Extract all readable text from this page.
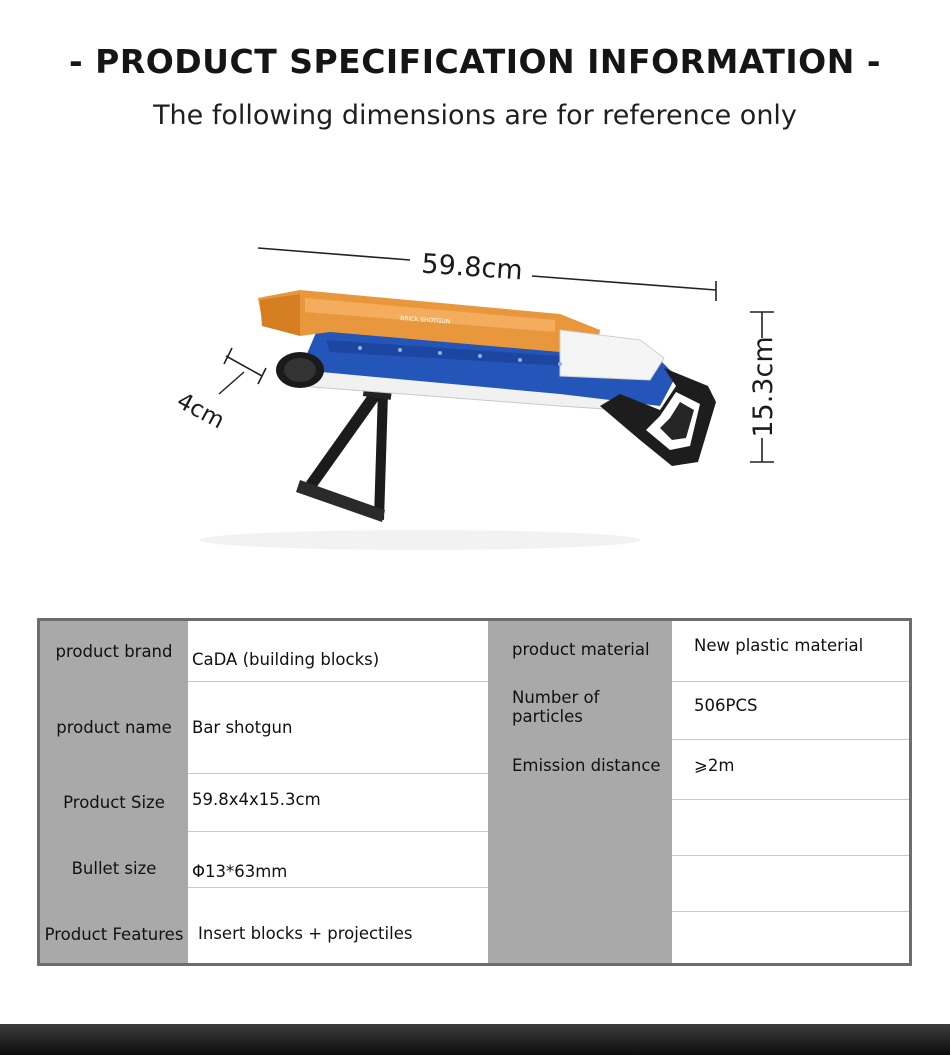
- PRODUCT SPECIFICATION INFORMATION -
The following dimensions are for reference only
59.8cm
15.3cm
4cm
BRICK SHOTGUN
product brand
product name
Product Size
Bullet size
Product Features
CaDA (building blocks)
Bar shotgun
59.8x4x15.3cm
Φ13*63mm
Insert blocks + projectiles
product material
Number of particles
Emission distance
New plastic material
506PCS
⩾2m
